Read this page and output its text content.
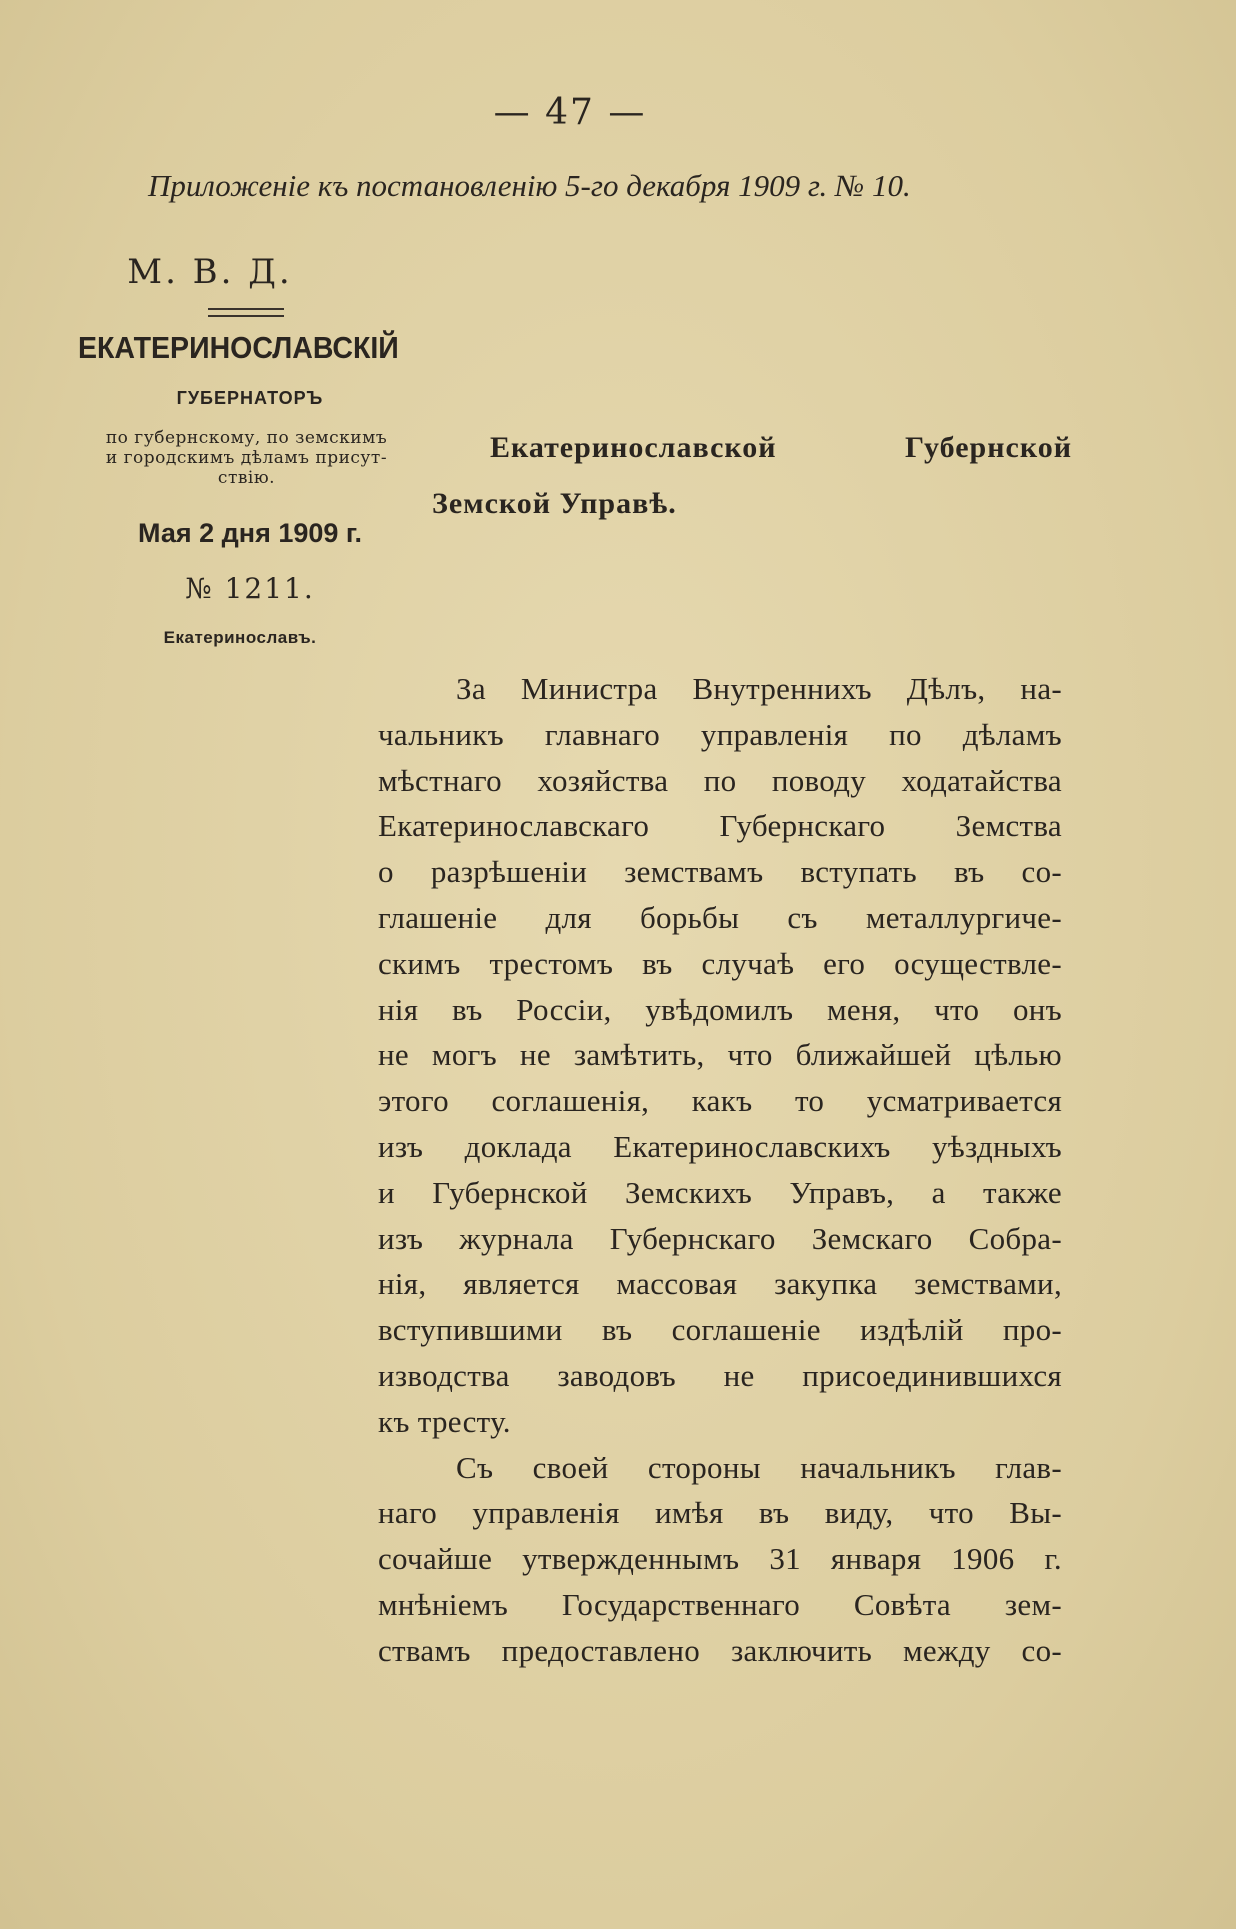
— 47 —
Приложеніе къ постановленію 5-го декабря 1909 г. № 10.
М. В. Д.
ЕКАТЕРИНОСЛАВСКІЙ
ГУБЕРНАТОРЪ
по губернскому, по земскимъ
и городскимъ дѣламъ присут-
ствію.
Мая 2 дня 1909 г.
№ 1211.
Екатеринославъ.
Екатеринославской Губернской
Земской Управѣ.
За Министра Внутреннихъ Дѣлъ, на-
чальникъ главнаго управленія по дѣламъ
мѣстнаго хозяйства по поводу ходатайства
Екатеринославскаго Губернскаго Земства
о разрѣшеніи земствамъ вступать въ со-
глашеніе для борьбы съ металлургиче-
скимъ трестомъ въ случаѣ его осуществле-
нія въ Россіи, увѣдомилъ меня, что онъ
не могъ не замѣтить, что ближайшей цѣлью
этого соглашенія, какъ то усматривается
изъ доклада Екатеринославскихъ уѣздныхъ
и Губернской Земскихъ Управъ, а также
изъ журнала Губернскаго Земскаго Собра-
нія, является массовая закупка земствами,
вступившими въ соглашеніе издѣлій про-
изводства заводовъ не присоединившихся
къ тресту.
Съ своей стороны начальникъ глав-
наго управленія имѣя въ виду, что Вы-
сочайше утвержденнымъ 31 января 1906 г.
мнѣніемъ Государственнаго Совѣта зем-
ствамъ предоставлено заключить между со-
